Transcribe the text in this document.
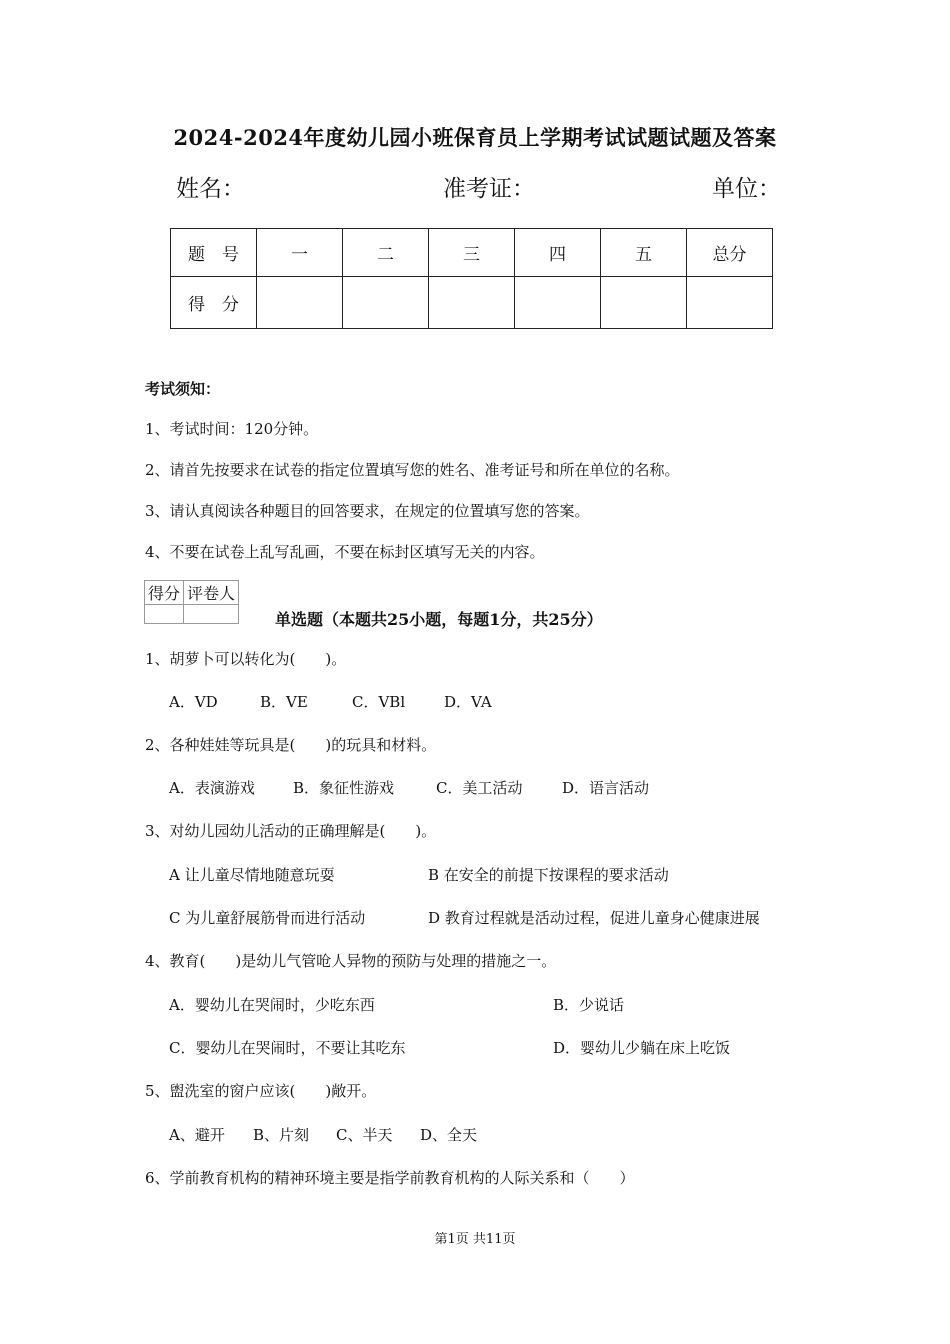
2024-2024年度幼儿园小班保育员上学期考试试题试题及答案
姓名：	准考证：	单位：
题　号	一	二	三	四	五	总分
得　分						
考试须知：
1、考试时间：120分钟。
2、请首先按要求在试卷的指定位置填写您的姓名、准考证号和所在单位的名称。
3、请认真阅读各种题目的回答要求，在规定的位置填写您的答案。
4、不要在试卷上乱写乱画，不要在标封区填写无关的内容。
得分	评卷人

单选题（本题共25小题，每题1分，共25分）
1、胡萝卜可以转化为(　　)。
A．VD	B．VE	C．VBl	D．VA
2、各种娃娃等玩具是(　　)的玩具和材料。
A．表演游戏	B．象征性游戏	C．美工活动	D．语言活动
3、对幼儿园幼儿活动的正确理解是(　　)。
A 让儿童尽情地随意玩耍	B 在安全的前提下按课程的要求活动
C 为儿童舒展筋骨而进行活动	D 教育过程就是活动过程，促进儿童身心健康进展
4、教育(　　)是幼儿气管呛人异物的预防与处理的措施之一。
A．婴幼儿在哭闹时，少吃东西	B．少说话
C．婴幼儿在哭闹时，不要让其吃东	D．婴幼儿少躺在床上吃饭
5、盥洗室的窗户应该(　　)敞开。
A、避开 B、片刻 C、半天 D、全天
6、学前教育机构的精神环境主要是指学前教育机构的人际关系和（　　）
第1页 共11页
